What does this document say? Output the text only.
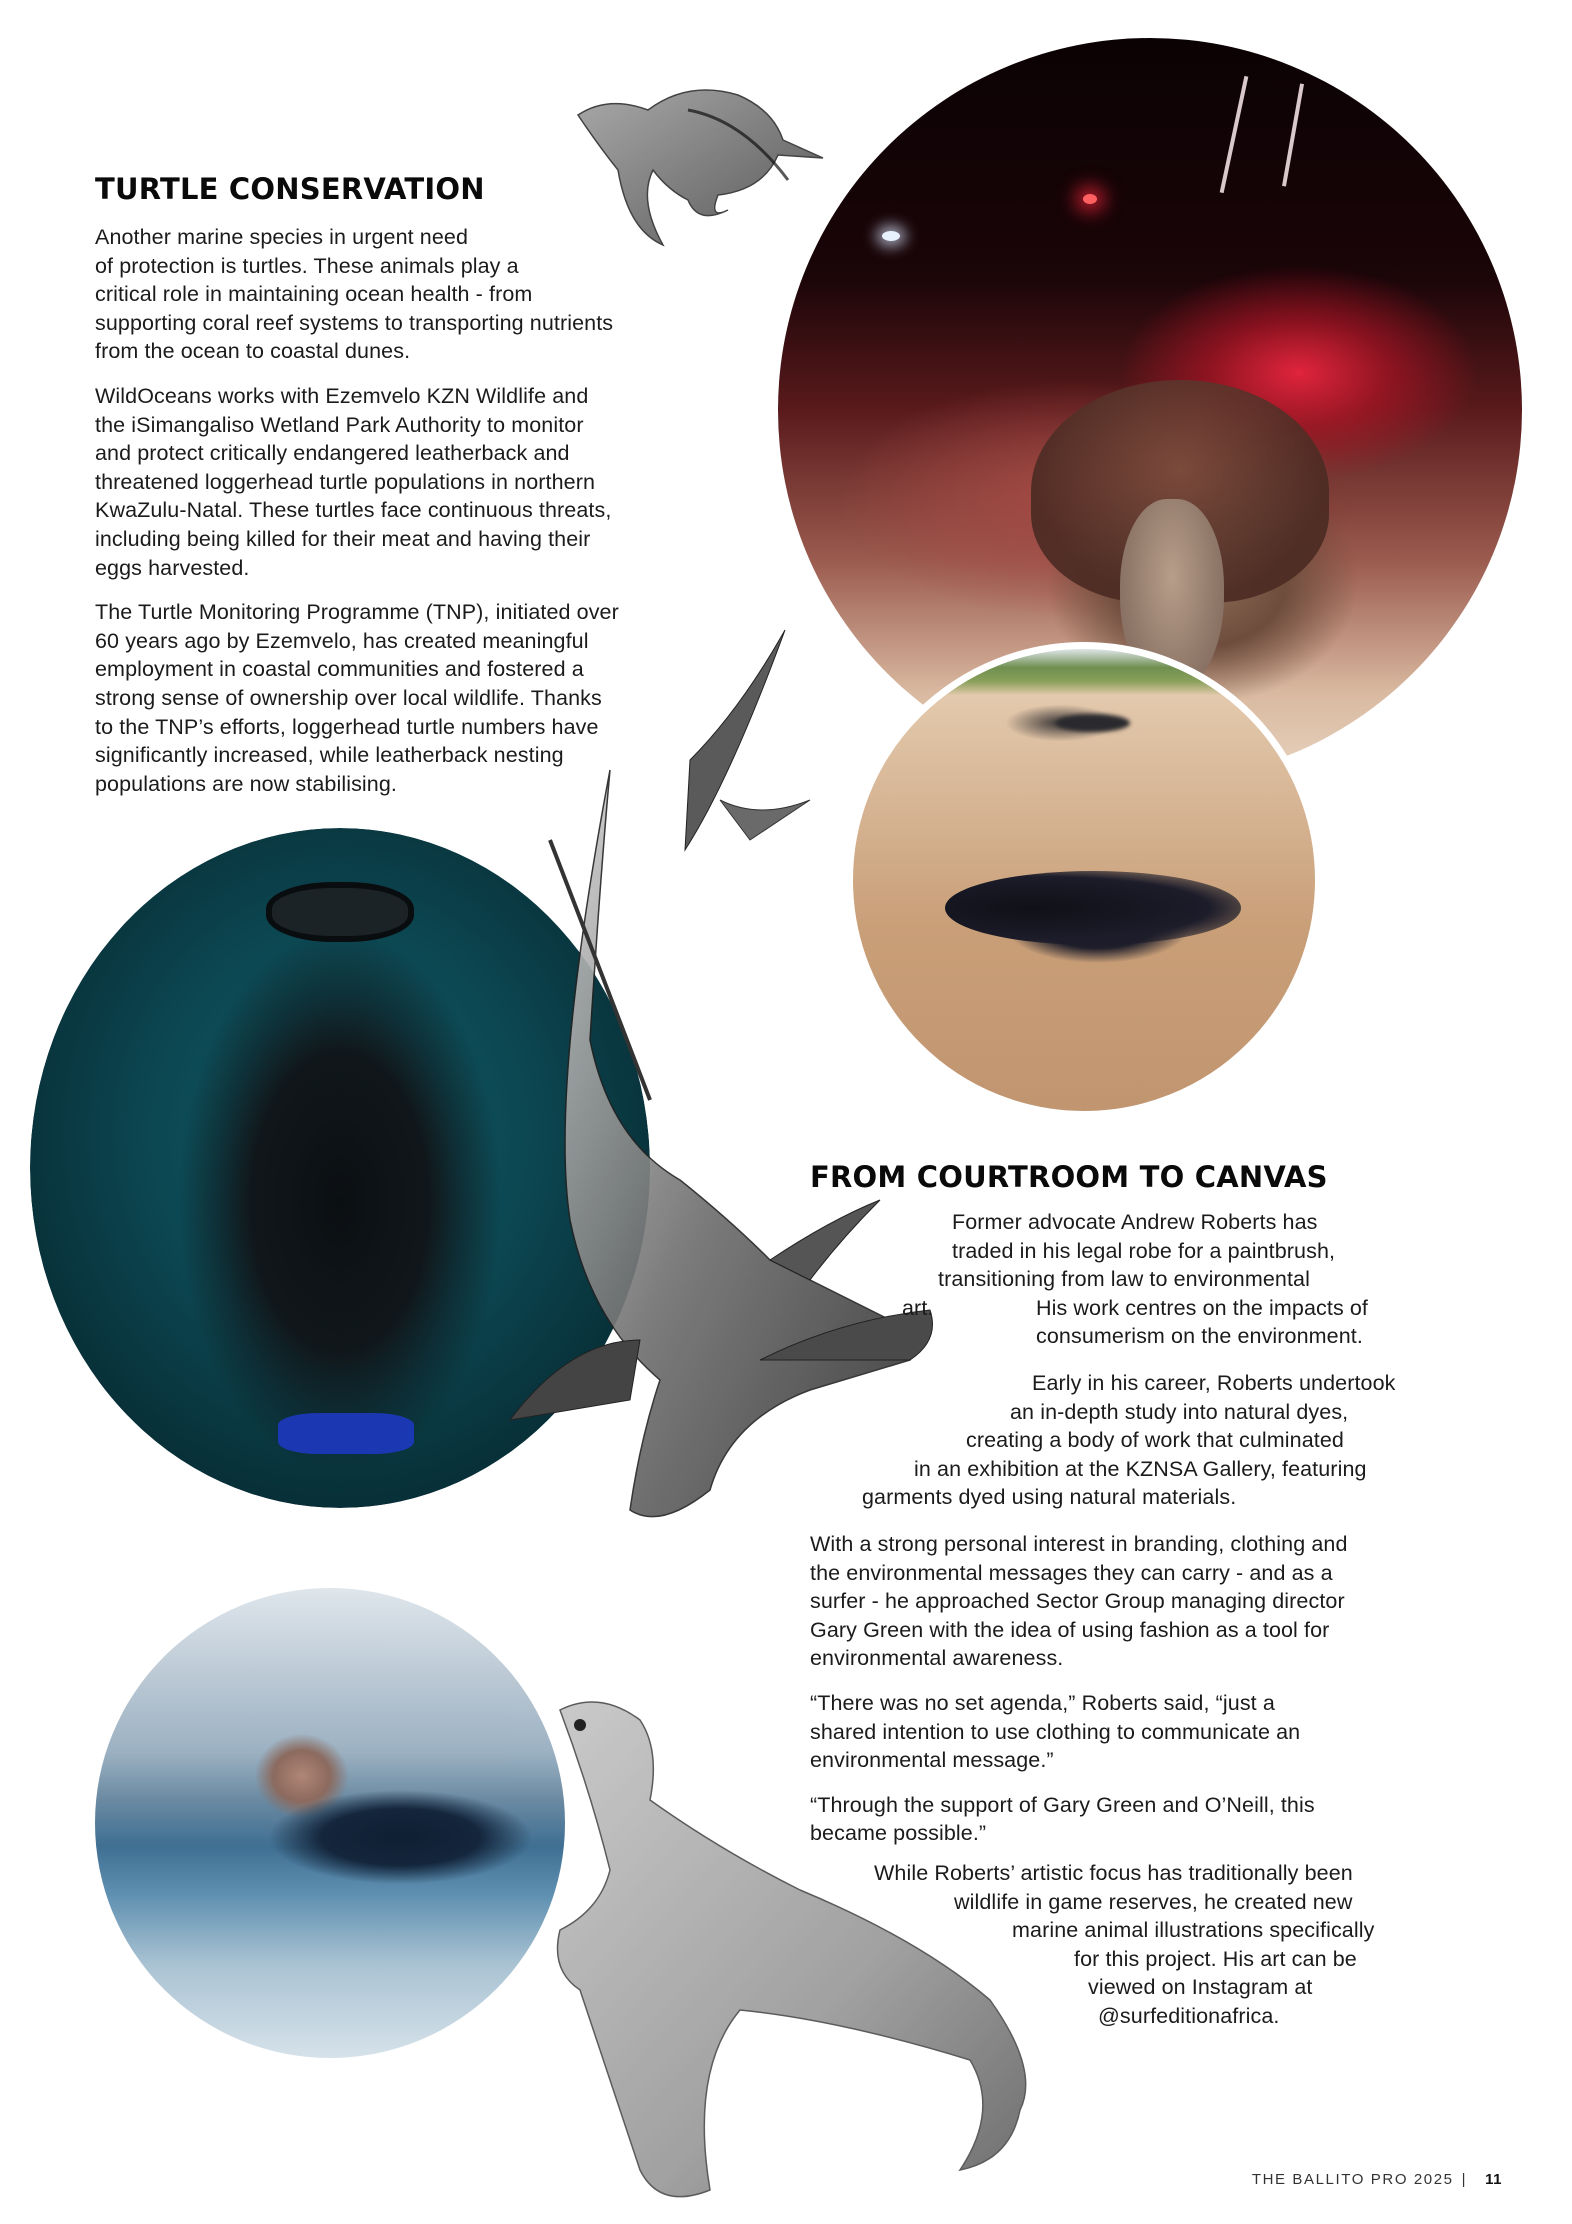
TURTLE CONSERVATION

Another marine species in urgent need
of protection is turtles. These animals play a
critical role in maintaining ocean health - from
supporting coral reef systems to transporting nutrients
from the ocean to coastal dunes.

WildOceans works with Ezemvelo KZN Wildlife and
the iSimangaliso Wetland Park Authority to monitor
and protect critically endangered leatherback and
threatened loggerhead turtle populations in northern
KwaZulu-Natal. These turtles face continuous threats,
including being killed for their meat and having their
eggs harvested.

The Turtle Monitoring Programme (TNP), initiated over
60 years ago by Ezemvelo, has created meaningful
employment in coastal communities and fostered a
strong sense of ownership over local wildlife. Thanks
to the TNP’s efforts, loggerhead turtle numbers have
significantly increased, while leatherback nesting
populations are now stabilising.

FROM COURTROOM TO CANVAS
Former advocate Andrew Roberts has
traded in his legal robe for a paintbrush,
transitioning from law to environmental
art.	His work centres on the impacts of
consumerism on the environment.
Early in his career, Roberts undertook
an in-depth study into natural dyes,
creating a body of work that culminated
in an exhibition at the KZNSA Gallery, featuring
garments dyed using natural materials.

With a strong personal interest in branding, clothing and
the environmental messages they can carry - and as a
surfer - he approached Sector Group managing director
Gary Green with the idea of using fashion as a tool for
environmental awareness.

“There was no set agenda,” Roberts said, “just a
shared intention to use clothing to communicate an
environmental message.”

“Through the support of Gary Green and O’Neill, this
became possible.”

While Roberts’ artistic focus has traditionally been
wildlife in game reserves, he created new
marine animal illustrations specifically
for this project. His art can be
viewed on Instagram at
@surfeditionafrica.
THE BALLITO PRO 2025 | 11
